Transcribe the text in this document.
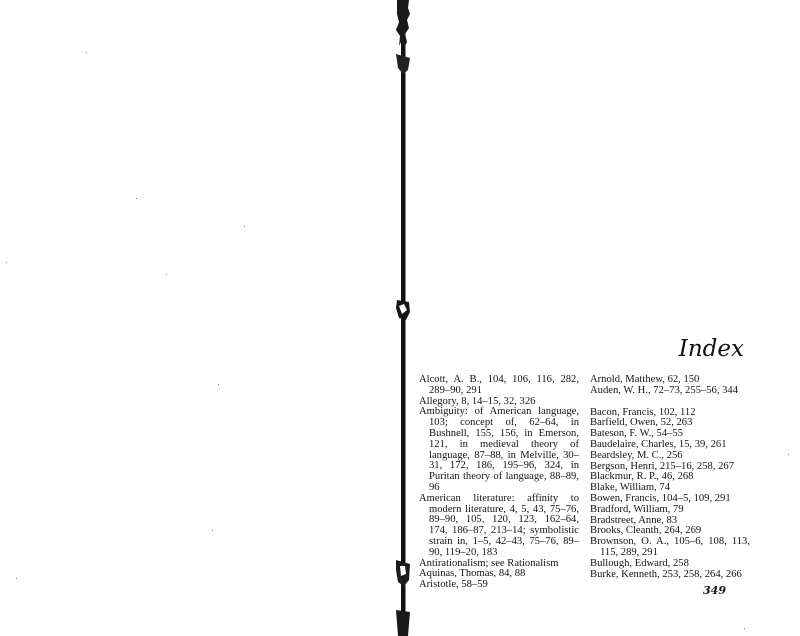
Index
Alcott, A. B., 104, 106, 116, 282, 289–90, 291
Allegory, 8, 14–15, 32, 326
Ambiguity: of American language, 103; concept of, 62–64, in Bushnell, 155, 156, in Emerson, 121, in medieval theory of language, 87–88, in Melville, 30–31, 172, 186, 195–96, 324, in Puritan theory of language, 88–89, 96
American literature: affinity to modern literature, 4, 5, 43, 75–76, 89–90, 105, 120, 123, 162–64, 174, 186–87, 213–14; symbolistic strain in, 1–5, 42–43, 75–76, 89–90, 119–20, 183
Antirationalism; see Rationalism
Aquinas, Thomas, 84, 88
Aristotle, 58–59
Arnold, Matthew, 62, 150
Auden, W. H., 72–73, 255–56, 344
Bacon, Francis, 102, 112
Barfield, Owen, 52, 263
Bateson, F. W., 54–55
Baudelaire, Charles, 15, 39, 261
Beardsley, M. C., 256
Bergson, Henri, 215–16, 258, 267
Blackmur, R. P., 46, 268
Blake, William, 74
Bowen, Francis, 104–5, 109, 291
Bradford, William, 79
Bradstreet, Anne, 83
Brooks, Cleanth, 264, 269
Brownson, O. A., 105–6, 108, 113, 115, 289, 291
Bullough, Edward, 258
Burke, Kenneth, 253, 258, 264, 266
349
